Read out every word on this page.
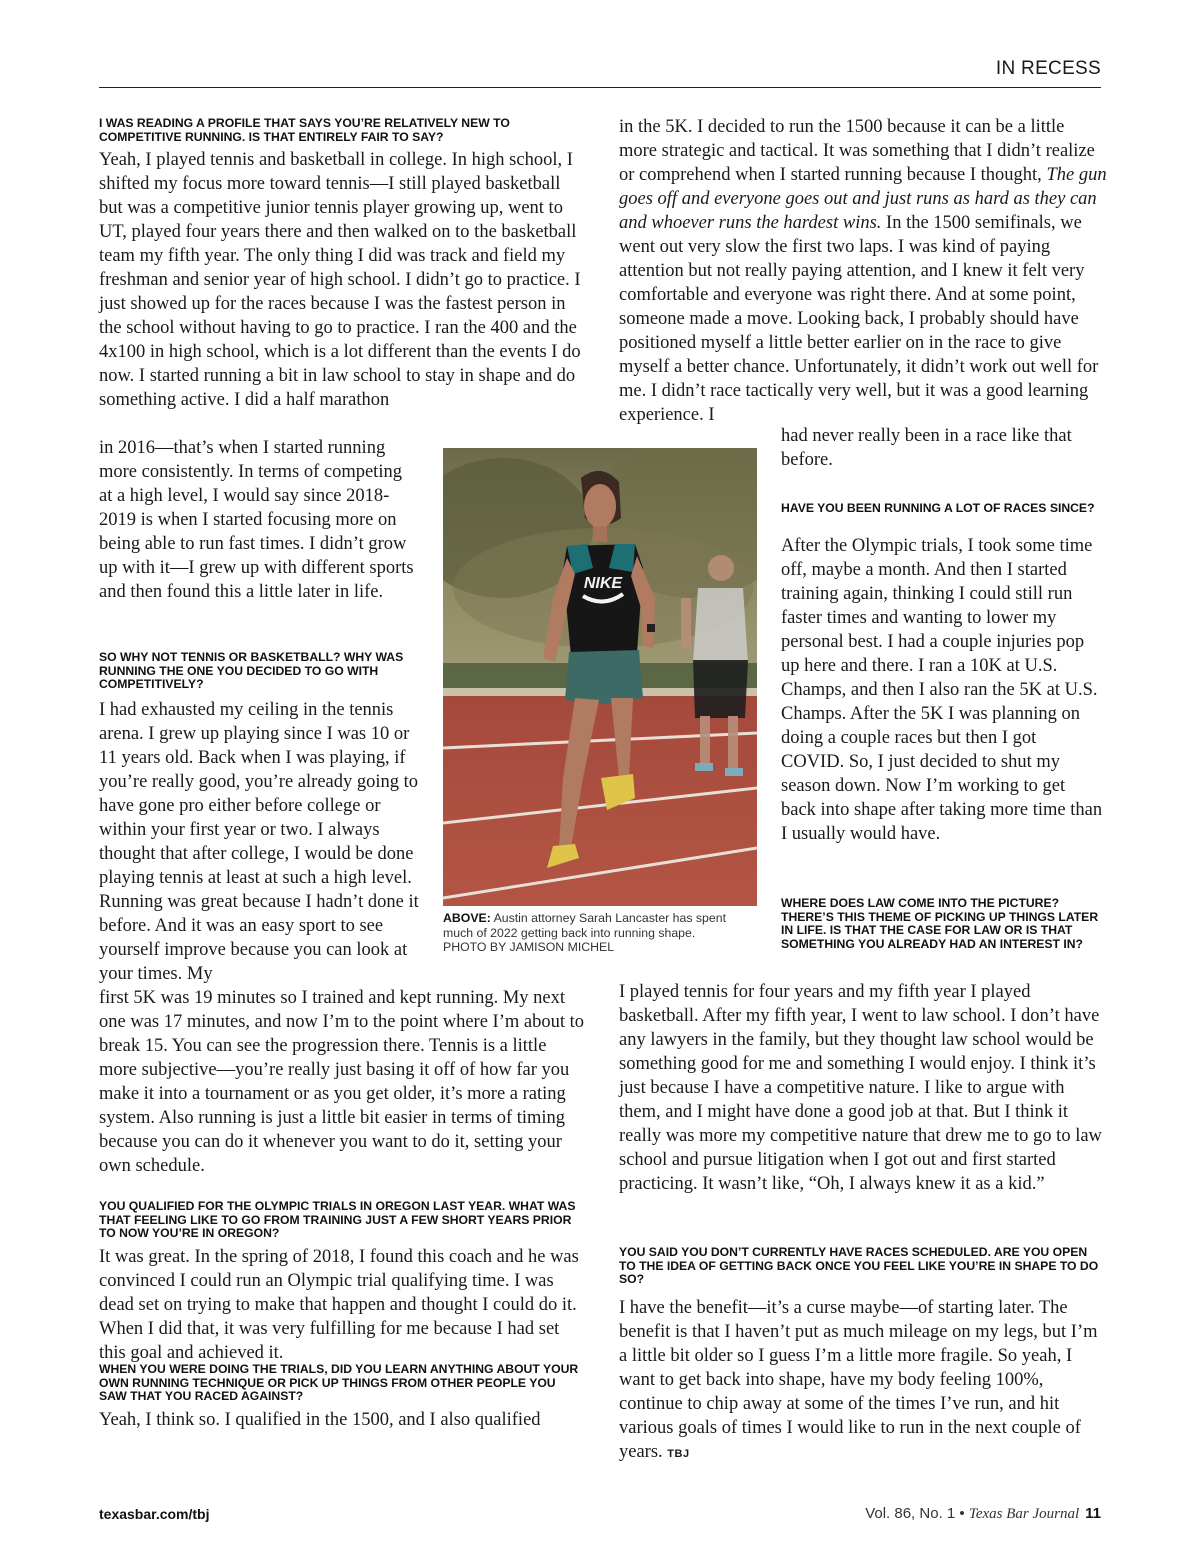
IN RECESS
I WAS READING A PROFILE THAT SAYS YOU’RE RELATIVELY NEW TO COMPETITIVE RUNNING. IS THAT ENTIRELY FAIR TO SAY?
Yeah, I played tennis and basketball in college. In high school, I shifted my focus more toward tennis—I still played basketball but was a competitive junior tennis player growing up, went to UT, played four years there and then walked on to the basketball team my fifth year. The only thing I did was track and field my freshman and senior year of high school. I didn’t go to practice. I just showed up for the races because I was the fastest person in the school without having to go to practice. I ran the 400 and the 4x100 in high school, which is a lot different than the events I do now. I started running a bit in law school to stay in shape and do something active. I did a half marathon
in 2016—that’s when I started running more consistently. In terms of competing at a high level, I would say since 2018-2019 is when I started focusing more on being able to run fast times. I didn’t grow up with it—I grew up with different sports and then found this a little later in life.
SO WHY NOT TENNIS OR BASKETBALL? WHY WAS RUNNING THE ONE YOU DECIDED TO GO WITH COMPETITIVELY?
I had exhausted my ceiling in the tennis arena. I grew up playing since I was 10 or 11 years old. Back when I was playing, if you’re really good, you’re already going to have gone pro either before college or within your first year or two. I always thought that after college, I would be done playing tennis at least at such a high level. Running was great because I hadn’t done it before. And it was an easy sport to see yourself improve because you can look at your times. My
first 5K was 19 minutes so I trained and kept running. My next one was 17 minutes, and now I’m to the point where I’m about to break 15. You can see the progression there. Tennis is a little more subjective—you’re really just basing it off of how far you make it into a tournament or as you get older, it’s more a rating system. Also running is just a little bit easier in terms of timing because you can do it whenever you want to do it, setting your own schedule.
YOU QUALIFIED FOR THE OLYMPIC TRIALS IN OREGON LAST YEAR. WHAT WAS THAT FEELING LIKE TO GO FROM TRAINING JUST A FEW SHORT YEARS PRIOR TO NOW YOU’RE IN OREGON?
It was great. In the spring of 2018, I found this coach and he was convinced I could run an Olympic trial qualifying time. I was dead set on trying to make that happen and thought I could do it. When I did that, it was very fulfilling for me because I had set this goal and achieved it.
WHEN YOU WERE DOING THE TRIALS, DID YOU LEARN ANYTHING ABOUT YOUR OWN RUNNING TECHNIQUE OR PICK UP THINGS FROM OTHER PEOPLE YOU SAW THAT YOU RACED AGAINST?
Yeah, I think so. I qualified in the 1500, and I also qualified
in the 5K. I decided to run the 1500 because it can be a little more strategic and tactical. It was something that I didn’t realize or comprehend when I started running because I thought, The gun goes off and everyone goes out and just runs as hard as they can and whoever runs the hardest wins. In the 1500 semifinals, we went out very slow the first two laps. I was kind of paying attention but not really paying attention, and I knew it felt very comfortable and everyone was right there. And at some point, someone made a move. Looking back, I probably should have positioned myself a little better earlier on in the race to give myself a better chance. Unfortunately, it didn’t work out well for me. I didn’t race tactically very well, but it was a good learning experience. I
had never really been in a race like that before.
HAVE YOU BEEN RUNNING A LOT OF RACES SINCE?
After the Olympic trials, I took some time off, maybe a month. And then I started training again, thinking I could still run faster times and wanting to lower my personal best. I had a couple injuries pop up here and there. I ran a 10K at U.S. Champs, and then I also ran the 5K at U.S. Champs. After the 5K I was planning on doing a couple races but then I got COVID. So, I just decided to shut my season down. Now I’m working to get back into shape after taking more time than I usually would have.
WHERE DOES LAW COME INTO THE PICTURE? THERE’S THIS THEME OF PICKING UP THINGS LATER IN LIFE. IS THAT THE CASE FOR LAW OR IS THAT SOMETHING YOU ALREADY HAD AN INTEREST IN?
I played tennis for four years and my fifth year I played basketball. After my fifth year, I went to law school. I don’t have any lawyers in the family, but they thought law school would be something good for me and something I would enjoy. I think it’s just because I have a competitive nature. I like to argue with them, and I might have done a good job at that. But I think it really was more my competitive nature that drew me to go to law school and pursue litigation when I got out and first started practicing. It wasn’t like, “Oh, I always knew it as a kid.”
YOU SAID YOU DON’T CURRENTLY HAVE RACES SCHEDULED. ARE YOU OPEN TO THE IDEA OF GETTING BACK ONCE YOU FEEL LIKE YOU’RE IN SHAPE TO DO SO?
I have the benefit—it’s a curse maybe—of starting later. The benefit is that I haven’t put as much mileage on my legs, but I’m a little bit older so I guess I’m a little more fragile. So yeah, I want to get back into shape, have my body feeling 100%, continue to chip away at some of the times I’ve run, and hit various goals of times I would like to run in the next couple of years. TBJ
NIKE
ABOVE: Austin attorney Sarah Lancaster has spent much of 2022 getting back into running shape.
PHOTO BY JAMISON MICHEL
texasbar.com/tbj	Vol. 86, No. 1 • Texas Bar Journal 11
